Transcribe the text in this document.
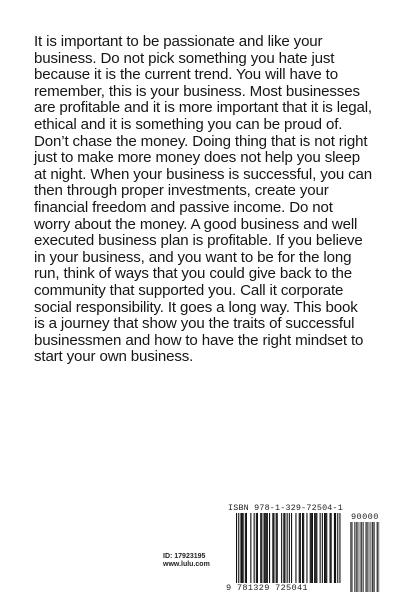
It is important to be passionate and like your business. Do not pick something you hate just because it is the current trend. You will have to remember, this is your business. Most businesses are profitable and it is more important that it is legal, ethical and it is something you can be proud of. Don’t chase the money. Doing thing that is not right just to make more money does not help you sleep at night. When your business is successful, you can then through proper investments, create your financial freedom and passive income. Do not worry about the money. A good business and well executed business plan is profitable. If you believe in your business, and you want to be for the long run, think of ways that you could give back to the community that supported you. Call it corporate social responsibility. It goes a long way. This book is a journey that show you the traits of successful businessmen and how to have the right mindset to start your own business.

ID: 17923195
www.lulu.com
ISBN 978-1-329-72504-1
90000
9 781329 725041
